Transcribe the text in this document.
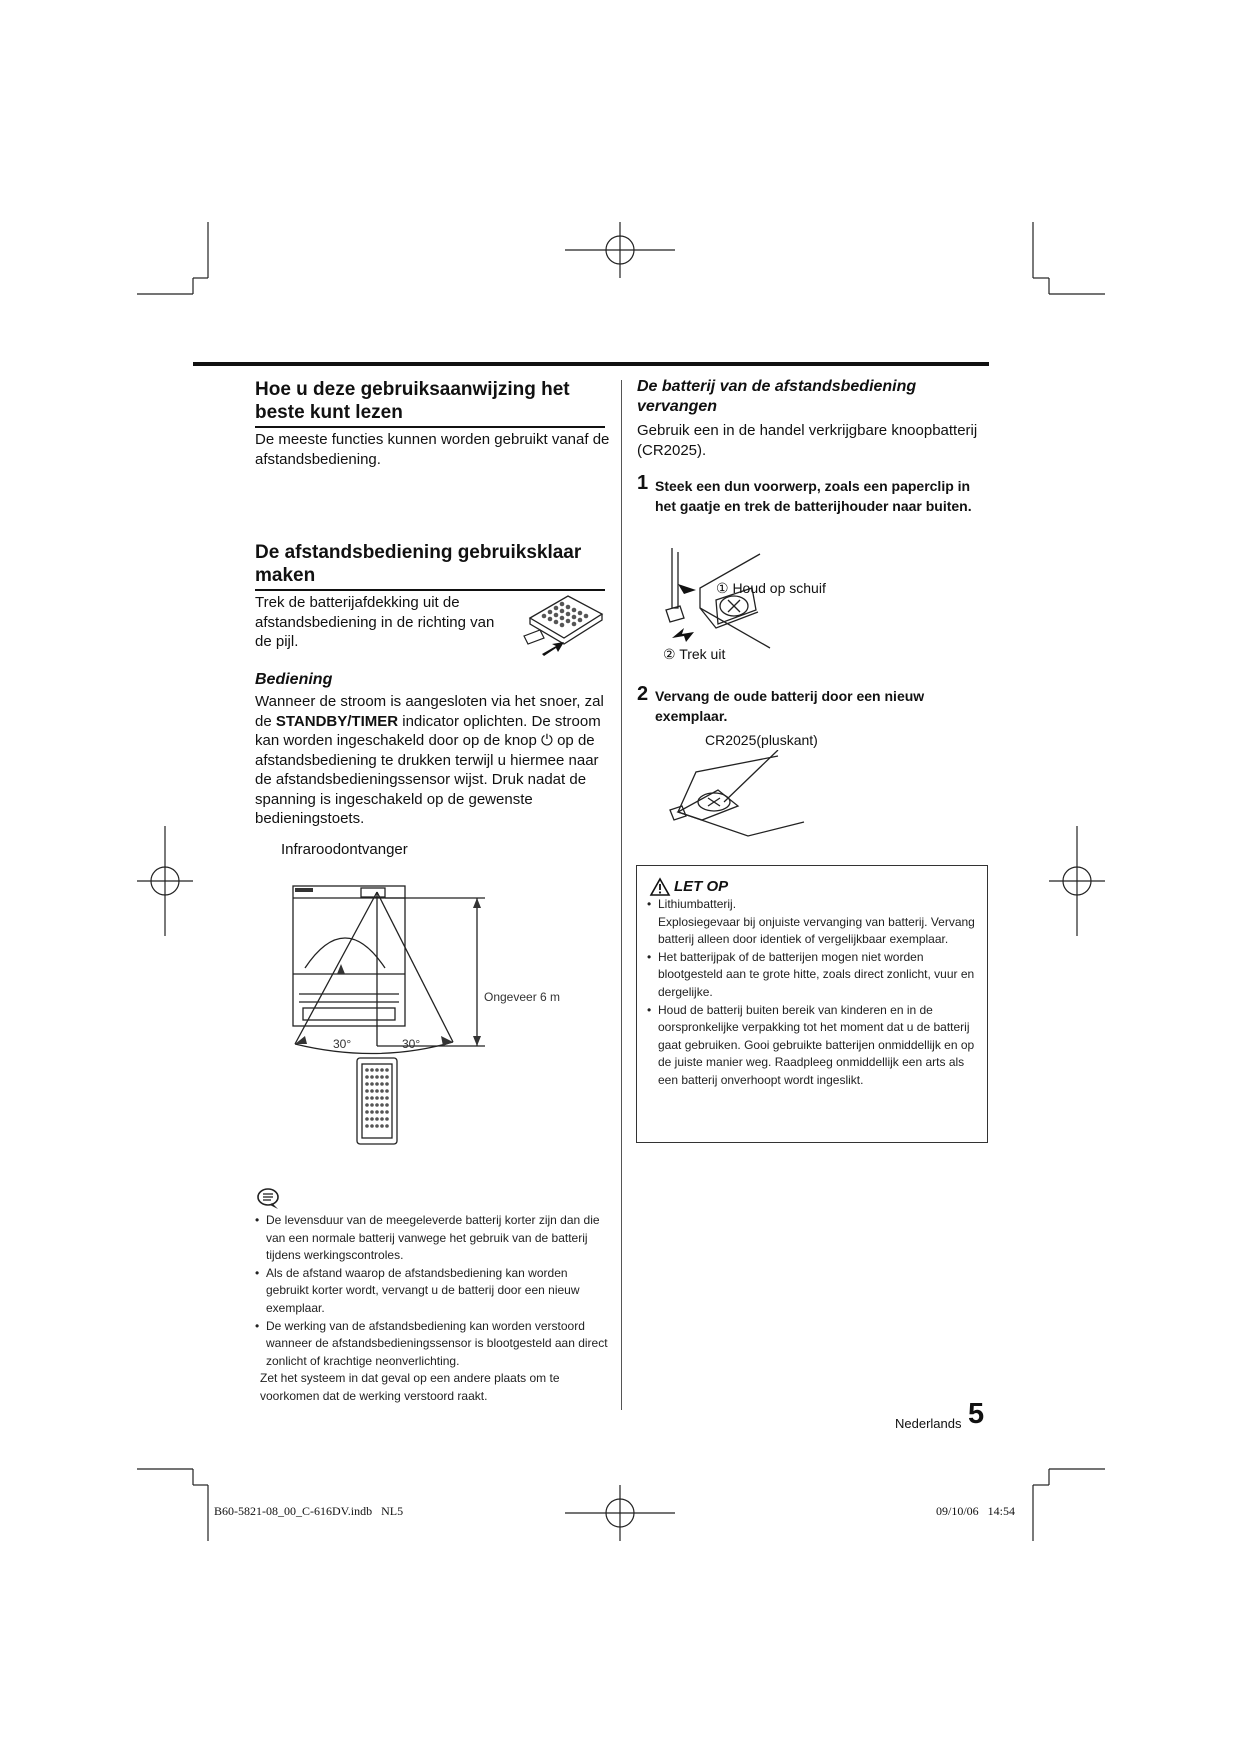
Hoe u deze gebruiksaanwijzing het beste kunt lezen
De meeste functies kunnen worden gebruikt vanaf de afstandsbediening.
De afstandsbediening gebruiksklaar maken
Trek de batterijafdekking uit de afstandsbediening in de richting van de pijl.
Bediening
Wanneer de stroom is aangesloten via het snoer, zal de STANDBY/TIMER indicator oplichten. De stroom kan worden ingeschakeld door op de knop ⏻ op de afstandsbediening te drukken terwijl u hiermee naar de afstandsbedieningssensor wijst. Druk nadat de spanning is ingeschakeld op de gewenste bedieningstoets.
Infraroodontvanger
Ongeveer 6 m
30°	30°
• De levensduur van de meegeleverde batterij korter zijn dan die van een normale batterij vanwege het gebruik van de batterij tijdens werkingscontroles.
• Als de afstand waarop de afstandsbediening kan worden gebruikt korter wordt, vervangt u de batterij door een nieuw exemplaar.
• De werking van de afstandsbediening kan worden verstoord wanneer de afstandsbedieningssensor is blootgesteld aan direct zonlicht of krachtige neonverlichting.
Zet het systeem in dat geval op een andere plaats om te voorkomen dat de werking verstoord raakt.
De batterij van de afstandsbediening vervangen
Gebruik een in de handel verkrijgbare knoopbatterij (CR2025).
1 Steek een dun voorwerp, zoals een paperclip in het gaatje en trek de batterijhouder naar buiten.
① Houd op schuif
② Trek uit
2 Vervang de oude batterij door een nieuw exemplaar.
CR2025(pluskant)
LET OP
• Lithiumbatterij.
Explosiegevaar bij onjuiste vervanging van batterij. Vervang batterij alleen door identiek of vergelijkbaar exemplaar.
• Het batterijpak of de batterijen mogen niet worden blootgesteld aan te grote hitte, zoals direct zonlicht, vuur en dergelijke.
• Houd de batterij buiten bereik van kinderen en in de oorspronkelijke verpakking tot het moment dat u de batterij gaat gebruiken. Gooi gebruikte batterijen onmiddellijk en op de juiste manier weg. Raadpleeg onmiddellijk een arts als een batterij onverhoopt wordt ingeslikt.
Nederlands 5
B60-5821-08_00_C-616DV.indb   NL5	09/10/06   14:54
